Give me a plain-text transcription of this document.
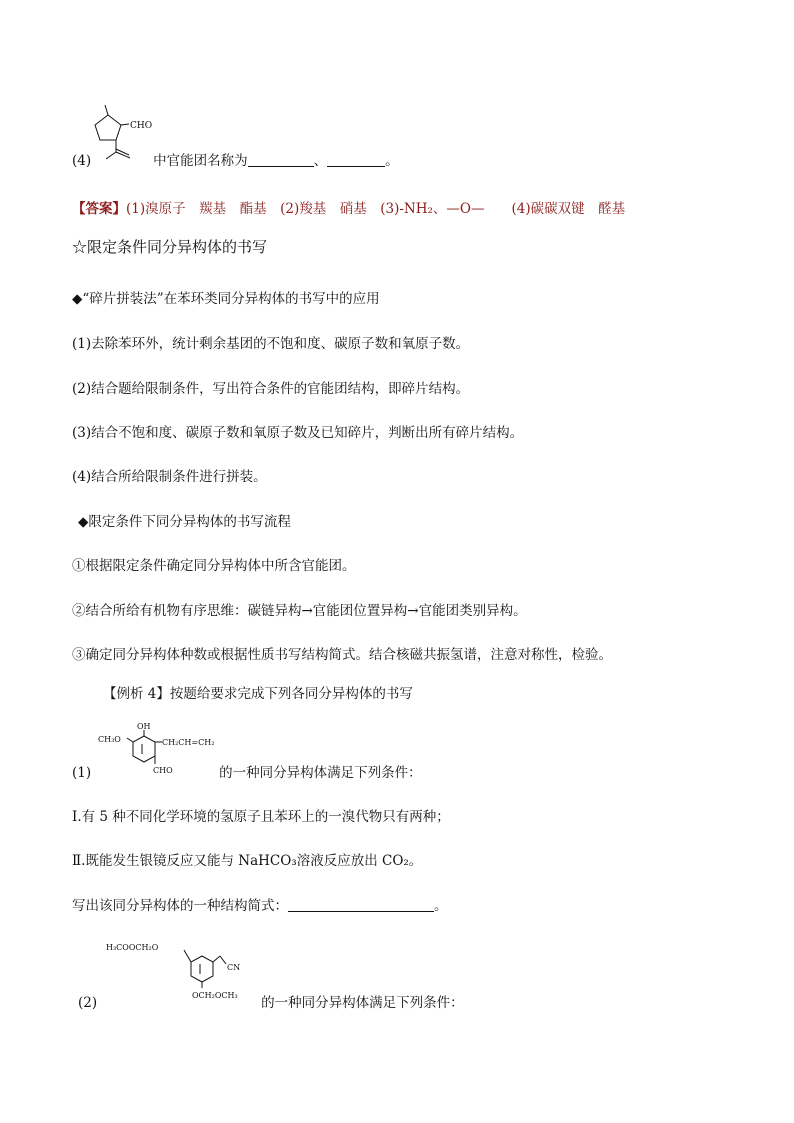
CHO
(4)	中官能团名称为	、	。
【答案】(1)溴原子　羰基　酯基　(2)羧基　硝基　(3)-NH₂、—O—　　(4)碳碳双键　醛基
☆限定条件同分异构体的书写
◆“碎片拼装法”在苯环类同分异构体的书写中的应用
(1)去除苯环外，统计剩余基团的不饱和度、碳原子数和氧原子数。
(2)结合题给限制条件，写出符合条件的官能团结构，即碎片结构。
(3)结合不饱和度、碳原子数和氧原子数及已知碎片，判断出所有碎片结构。
(4)结合所给限制条件进行拼装。
◆限定条件下同分异构体的书写流程
①根据限定条件确定同分异构体中所含官能团。
②结合所给有机物有序思维：碳链异构→官能团位置异构→官能团类别异构。
③确定同分异构体种数或根据性质书写结构简式。结合核磁共振氢谱，注意对称性，检验。
【例析 4】按题给要求完成下列各同分异构体的书写
OH
CH₃O	CH₂CH=CH₂
CHO
(1)	的一种同分异构体满足下列条件：
Ⅰ.有 5 种不同化学环境的氢原子且苯环上的一溴代物只有两种；
Ⅱ.既能发生银镜反应又能与 NaHCO₃溶液反应放出 CO₂。
写出该同分异构体的一种结构简式：	。
H₃COOCH₂O
CN
OCH₂OCH₃
(2)	的一种同分异构体满足下列条件：
